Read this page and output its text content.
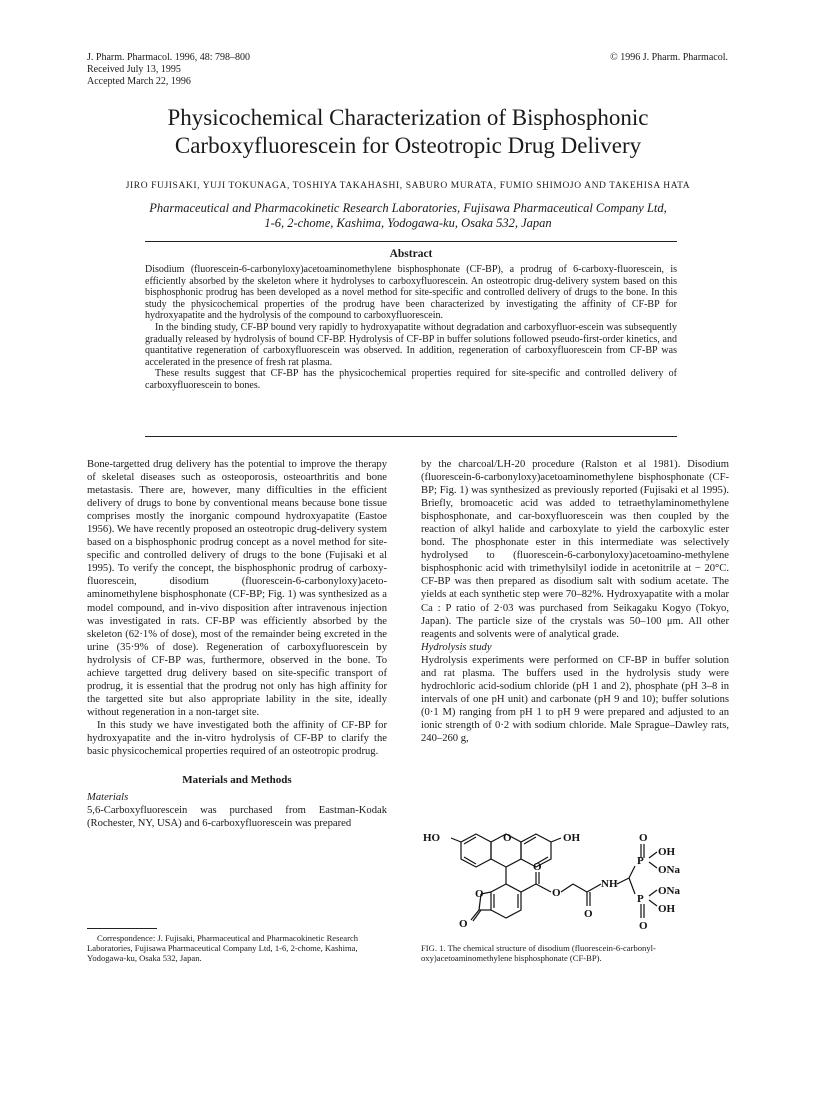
J. Pharm. Pharmacol. 1996, 48: 798–800
Received July 13, 1995
Accepted March 22, 1996
© 1996 J. Pharm. Pharmacol.
Physicochemical Characterization of Bisphosphonic
Carboxyfluorescein for Osteotropic Drug Delivery
JIRO FUJISAKI, YUJI TOKUNAGA, TOSHIYA TAKAHASHI, SABURO MURATA, FUMIO SHIMOJO AND TAKEHISA HATA
Pharmaceutical and Pharmacokinetic Research Laboratories, Fujisawa Pharmaceutical Company Ltd,
1-6, 2-chome, Kashima, Yodogawa-ku, Osaka 532, Japan
Abstract

Disodium (fluorescein-6-carbonyloxy)acetoaminomethylene bisphosphonate (CF-BP), a prodrug of 6-carboxy-fluorescein, is efficiently absorbed by the skeleton where it hydrolyses to carboxyfluorescein. An osteotropic drug-delivery system based on this bisphosphonic prodrug has been developed as a novel method for site-specific and controlled delivery of drugs to the bone. In this study the physicochemical properties of the prodrug have been characterized by investigating the affinity of CF-BP for hydroxyapatite and the hydrolysis of the compound to carboxyfluorescein.

In the binding study, CF-BP bound very rapidly to hydroxyapatite without degradation and carboxyfluor-escein was subsequently gradually released by hydrolysis of bound CF-BP. Hydrolysis of CF-BP in buffer solutions followed pseudo-first-order kinetics, and quantitative regeneration of carboxyfluorescein was observed. In addition, regeneration of carboxyfluorescein from CF-BP was accelerated in the presence of fresh rat plasma.

These results suggest that CF-BP has the physicochemical properties required for site-specific and controlled delivery of carboxyfluorescein to bones.

Bone-targetted drug delivery has the potential to improve the therapy of skeletal diseases such as osteoporosis, osteoarthritis and bone metastasis. There are, however, many difficulties in the efficient delivery of drugs to bone by conventional means because bone tissue comprises mostly the inorganic compound hydroxyapatite (Eastoe 1956). We have recently proposed an osteotropic drug-delivery system based on a bisphosphonic prodrug concept as a novel method for site-specific and controlled delivery of drugs to the bone (Fujisaki et al 1995). To verify the concept, the bisphosphonic prodrug of carboxy-fluorescein, disodium (fluorescein-6-carbonyloxy)aceto-aminomethylene bisphosphonate (CF-BP; Fig. 1) was synthesized as a model compound, and in-vivo disposition after intravenous injection was investigated in rats. CF-BP was efficiently absorbed by the skeleton (62·1% of dose), most of the remainder being excreted in the urine (35·9% of dose). Regeneration of carboxyfluorescein by hydrolysis of CF-BP was, furthermore, observed in the bone. To achieve targetted drug delivery based on site-specific transport of prodrug, it is essential that the prodrug not only has high affinity for the targetted site but also appropriate lability in the site, ideally without regeneration in a non-target site.

In this study we have investigated both the affinity of CF-BP for hydroxyapatite and the in-vitro hydrolysis of CF-BP to clarify the basic physicochemical properties required of an osteotropic prodrug.

Materials and Methods

Materials

5,6-Carboxyfluorescein was purchased from Eastman-Kodak (Rochester, NY, USA) and 6-carboxyfluorescein was prepared

Correspondence: J. Fujisaki, Pharmaceutical and Pharmacokinetic Research Laboratories, Fujisawa Pharmaceutical Company Ltd, 1-6, 2-chome, Kashima, Yodogawa-ku, Osaka 532, Japan.

by the charcoal/LH-20 procedure (Ralston et al 1981). Disodium (fluorescein-6-carbonyloxy)acetoaminomethylene bisphosphonate (CF-BP; Fig. 1) was synthesized as previously reported (Fujisaki et al 1995). Briefly, bromoacetic acid was added to tetraethylaminomethylene bisphosphonate, and car-boxyfluorescein was then coupled by the reaction of alkyl halide and carboxylate to yield the carboxylic ester bond. The phosphonate ester in this intermediate was selectively hydrolysed to (fluorescein-6-carbonyloxy)acetoamino-methylene bisphosphonic acid with trimethylsilyl iodide in acetonitrile at − 20°C. CF-BP was then prepared as disodium salt with sodium acetate. The yields at each synthetic step were 70–82%. Hydroxyapatite with a molar Ca : P ratio of 2·03 was purchased from Seikagaku Kogyo (Tokyo, Japan). The particle size of the crystals was 50–100 μm. All other reagents and solvents were of analytical grade.

Hydrolysis study

Hydrolysis experiments were performed on CF-BP in buffer solution and rat plasma. The buffers used in the hydrolysis study were hydrochloric acid-sodium chloride (pH 1 and 2), phosphate (pH 3–8 in intervals of one pH unit) and carbonate (pH 9 and 10); buffer solutions (0·1 M) ranging from pH 1 to pH 9 were prepared and adjusted to an ionic strength of 0·2 with sodium chloride. Male Sprague–Dawley rats, 240–260 g,

HO	O	OH	O
OH
P
ONa
NH
O
O
O
O
O	P
ONa
OH
O
FIG. 1. The chemical structure of disodium (fluorescein-6-carbonyl-oxy)acetoaminomethylene bisphosphonate (CF-BP).
